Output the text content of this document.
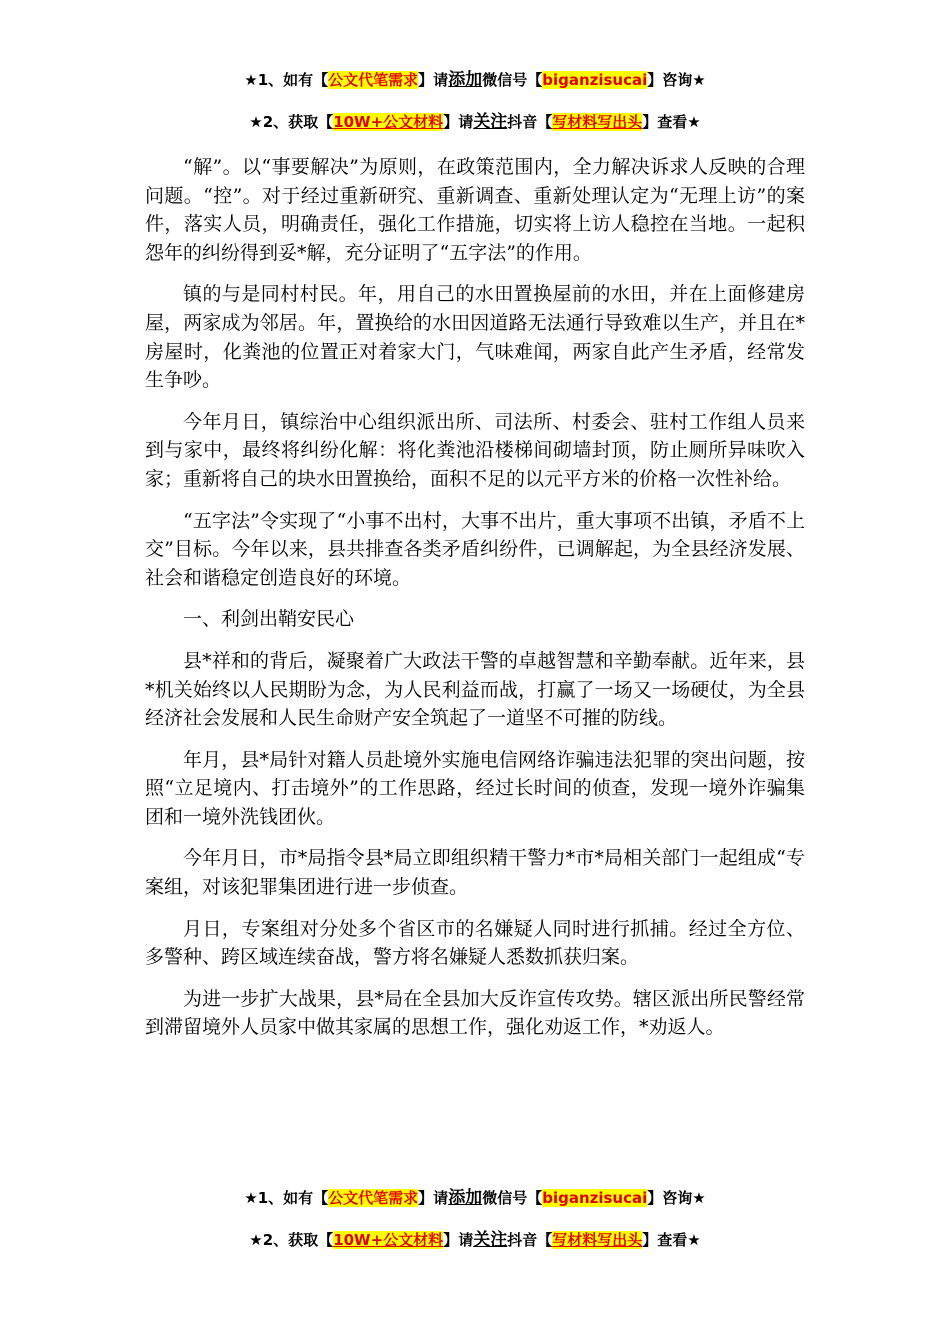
★1、如有【公文代笔需求】请添加微信号【biganzisucai】咨询★
★2、获取【10W+公文材料】请关注抖音【写材料写出头】查看★

“解”。以“事要解决”为原则，在政策范围内，全力解决诉求人反映的合理问题。“控”。对于经过重新研究、重新调查、重新处理认定为“无理上访”的案件，落实人员，明确责任，强化工作措施，切实将上访人稳控在当地。一起积怨年的纠纷得到妥*解，充分证明了“五字法”的作用。

镇的与是同村村民。年，用自己的水田置换屋前的水田，并在上面修建房屋，两家成为邻居。年，置换给的水田因道路无法通行导致难以生产，并且在*房屋时，化粪池的位置正对着家大门，气味难闻，两家自此产生矛盾，经常发生争吵。

今年月日，镇综治中心组织派出所、司法所、村委会、驻村工作组人员来到与家中，最终将纠纷化解：将化粪池沿楼梯间砌墙封顶，防止厕所异味吹入家；重新将自己的块水田置换给，面积不足的以元平方米的价格一次性补给。

“五字法”令实现了“小事不出村，大事不出片，重大事项不出镇，矛盾不上交”目标。今年以来，县共排查各类矛盾纠纷件，已调解起，为全县经济发展、社会和谐稳定创造良好的环境。

一、利剑出鞘安民心

县*祥和的背后，凝聚着广大政法干警的卓越智慧和辛勤奉献。近年来，县*机关始终以人民期盼为念，为人民利益而战，打赢了一场又一场硬仗，为全县经济社会发展和人民生命财产安全筑起了一道坚不可摧的防线。

年月，县*局针对籍人员赴境外实施电信网络诈骗违法犯罪的突出问题，按照“立足境内、打击境外”的工作思路，经过长时间的侦查，发现一境外诈骗集团和一境外洗钱团伙。

今年月日，市*局指令县*局立即组织精干警力*市*局相关部门一起组成“专案组，对该犯罪集团进行进一步侦查。

月日，专案组对分处多个省区市的名嫌疑人同时进行抓捕。经过全方位、多警种、跨区域连续奋战，警方将名嫌疑人悉数抓获归案。

为进一步扩大战果，县*局在全县加大反诈宣传攻势。辖区派出所民警经常到滞留境外人员家中做其家属的思想工作，强化劝返工作，*劝返人。

★1、如有【公文代笔需求】请添加微信号【biganzisucai】咨询★
★2、获取【10W+公文材料】请关注抖音【写材料写出头】查看★
